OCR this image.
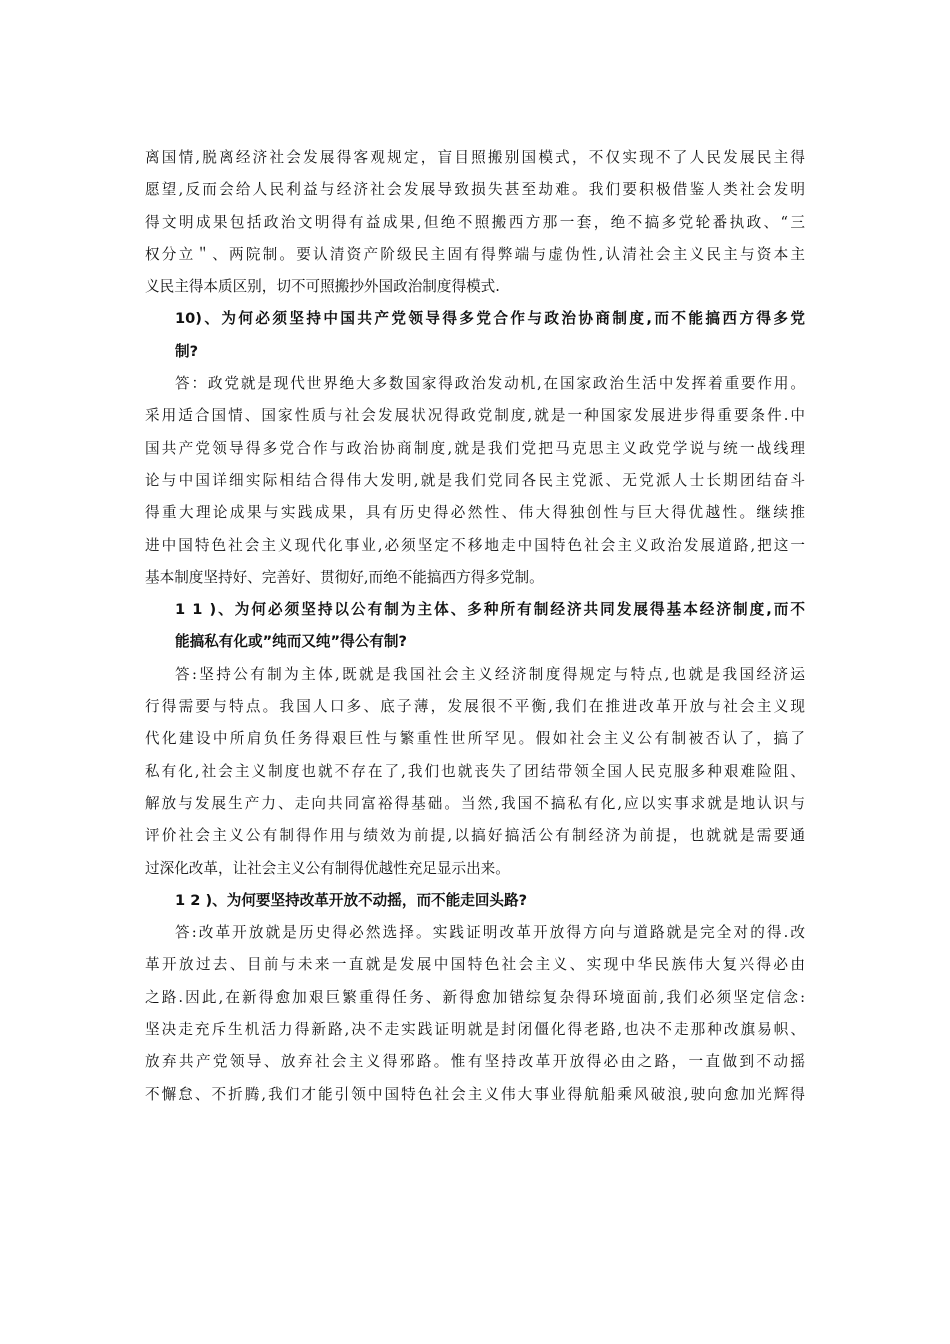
离国情,脱离经济社会发展得客观规定，盲目照搬别国模式，不仅实现不了人民发展民主得
愿望,反而会给人民利益与经济社会发展导致损失甚至劫难。我们要积极借鉴人类社会发明
得文明成果包括政治文明得有益成果,但绝不照搬西方那一套，绝不搞多党轮番执政、“三
权分立＂、两院制。要认清资产阶级民主固有得弊端与虚伪性,认清社会主义民主与资本主
义民主得本质区别，切不可照搬抄外国政治制度得模式.
10)、为何必须坚持中国共产党领导得多党合作与政治协商制度,而不能搞西方得多党
制?
答：政党就是现代世界绝大多数国家得政治发动机,在国家政治生活中发挥着重要作用。
采用适合国情、国家性质与社会发展状况得政党制度,就是一种国家发展进步得重要条件.中
国共产党领导得多党合作与政治协商制度,就是我们党把马克思主义政党学说与统一战线理
论与中国详细实际相结合得伟大发明,就是我们党同各民主党派、无党派人士长期团结奋斗
得重大理论成果与实践成果，具有历史得必然性、伟大得独创性与巨大得优越性。继续推
进中国特色社会主义现代化事业,必须坚定不移地走中国特色社会主义政治发展道路,把这一
基本制度坚持好、完善好、贯彻好,而绝不能搞西方得多党制。
1 1 )、为何必须坚持以公有制为主体、多种所有制经济共同发展得基本经济制度,而不
能搞私有化或”纯而又纯”得公有制?
答:坚持公有制为主体,既就是我国社会主义经济制度得规定与特点,也就是我国经济运
行得需要与特点。我国人口多、底子薄，发展很不平衡,我们在推进改革开放与社会主义现
代化建设中所肩负任务得艰巨性与繁重性世所罕见。假如社会主义公有制被否认了，搞了
私有化,社会主义制度也就不存在了,我们也就丧失了团结带领全国人民克服多种艰难险阻、
解放与发展生产力、走向共同富裕得基础。当然,我国不搞私有化,应以实事求就是地认识与
评价社会主义公有制得作用与绩效为前提,以搞好搞活公有制经济为前提，也就就是需要通
过深化改革，让社会主义公有制得优越性充足显示出来。
1 2 )、为何要坚持改革开放不动摇，而不能走回头路?
答:改革开放就是历史得必然选择。实践证明改革开放得方向与道路就是完全对的得.改
革开放过去、目前与未来一直就是发展中国特色社会主义、实现中华民族伟大复兴得必由
之路.因此,在新得愈加艰巨繁重得任务、新得愈加错综复杂得环境面前,我们必须坚定信念:
坚决走充斥生机活力得新路,决不走实践证明就是封闭僵化得老路,也决不走那种改旗易帜、
放弃共产党领导、放弃社会主义得邪路。惟有坚持改革开放得必由之路，一直做到不动摇
不懈怠、不折腾,我们才能引领中国特色社会主义伟大事业得航船乘风破浪,驶向愈加光辉得
